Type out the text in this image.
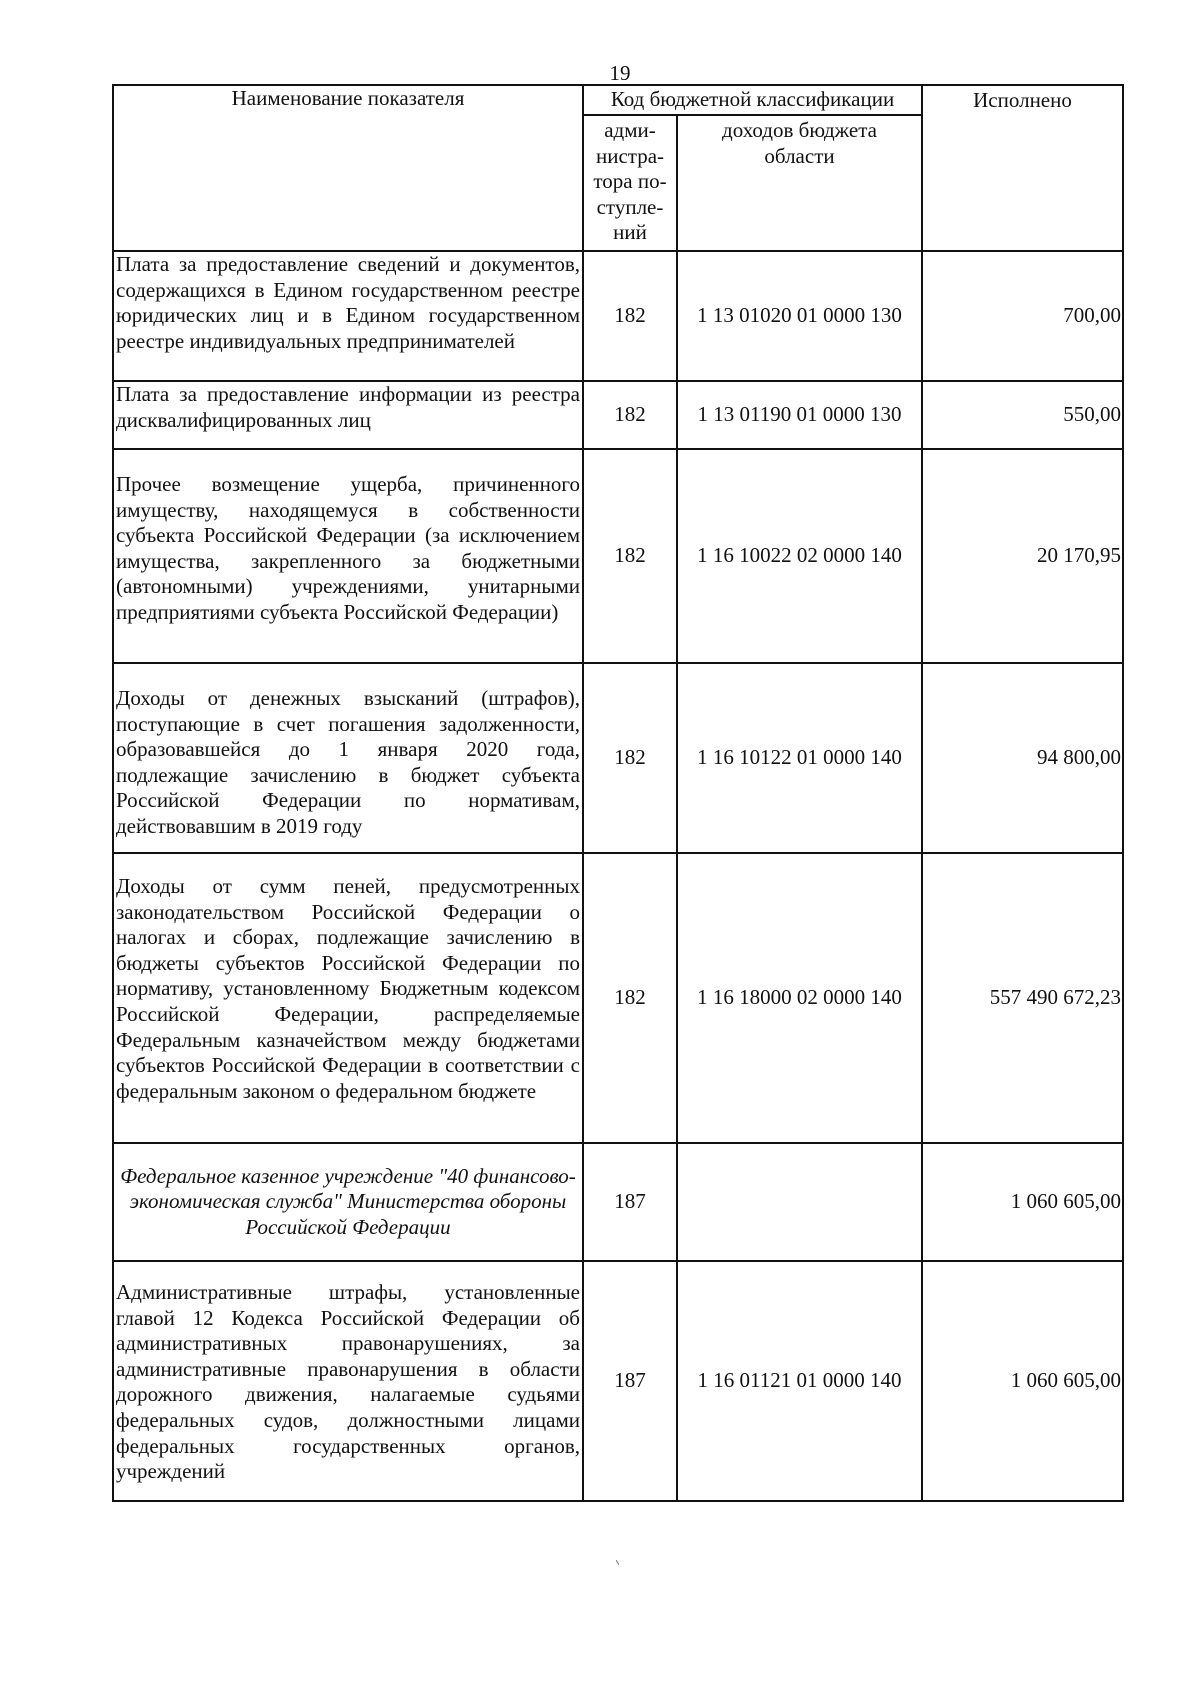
19
Наименование показателя	Код бюджетной классификации		Исполнено

	адми-
нистра-
тора по-
ступле-
ний	доходов бюджета
области	

Плата за предоставление сведений и документов, содержащихся в Едином государственном реестре юридических лиц и в Едином государственном реестре индивидуальных предпринимателей	182	1 13 01020 01 0000 130	700,00
Плата за предоставление информации из реестра дисквалифицированных лиц	182	1 13 01190 01 0000 130	550,00
Прочее возмещение ущерба, причиненного имуществу, находящемуся в собственности субъекта Российской Федерации (за исключением имущества, закрепленного за бюджетными (автономными) учреждениями, унитарными предприятиями субъекта Российской Федерации)	182	1 16 10022 02 0000 140	20 170,95
Доходы от денежных взысканий (штрафов), поступающие в счет погашения задолженности, образовавшейся до 1 января 2020 года, подлежащие зачислению в бюджет субъекта Российской Федерации по нормативам, действовавшим в 2019 году	182	1 16 10122 01 0000 140	94 800,00
Доходы от сумм пеней, предусмотренных законодательством Российской Федерации о налогах и сборах, подлежащие зачислению в бюджеты субъектов Российской Федерации по нормативу, установленному Бюджетным кодексом Российской Федерации, распределяемые Федеральным казначейством между бюджетами субъектов Российской Федерации в соответствии с федеральным законом о федеральном бюджете	182	1 16 18000 02 0000 140	557 490 672,23
Федеральное казенное учреждение "40 финансово-экономическая служба" Министерства обороны Российской Федерации	187		1 060 605,00
Административные штрафы, установленные главой 12 Кодекса Российской Федерации об административных правонарушениях, за административные правонарушения в области дорожного движения, налагаемые судьями федеральных судов, должностными лицами федеральных государственных органов, учреждений	187	1 16 01121 01 0000 140	1 060 605,00
